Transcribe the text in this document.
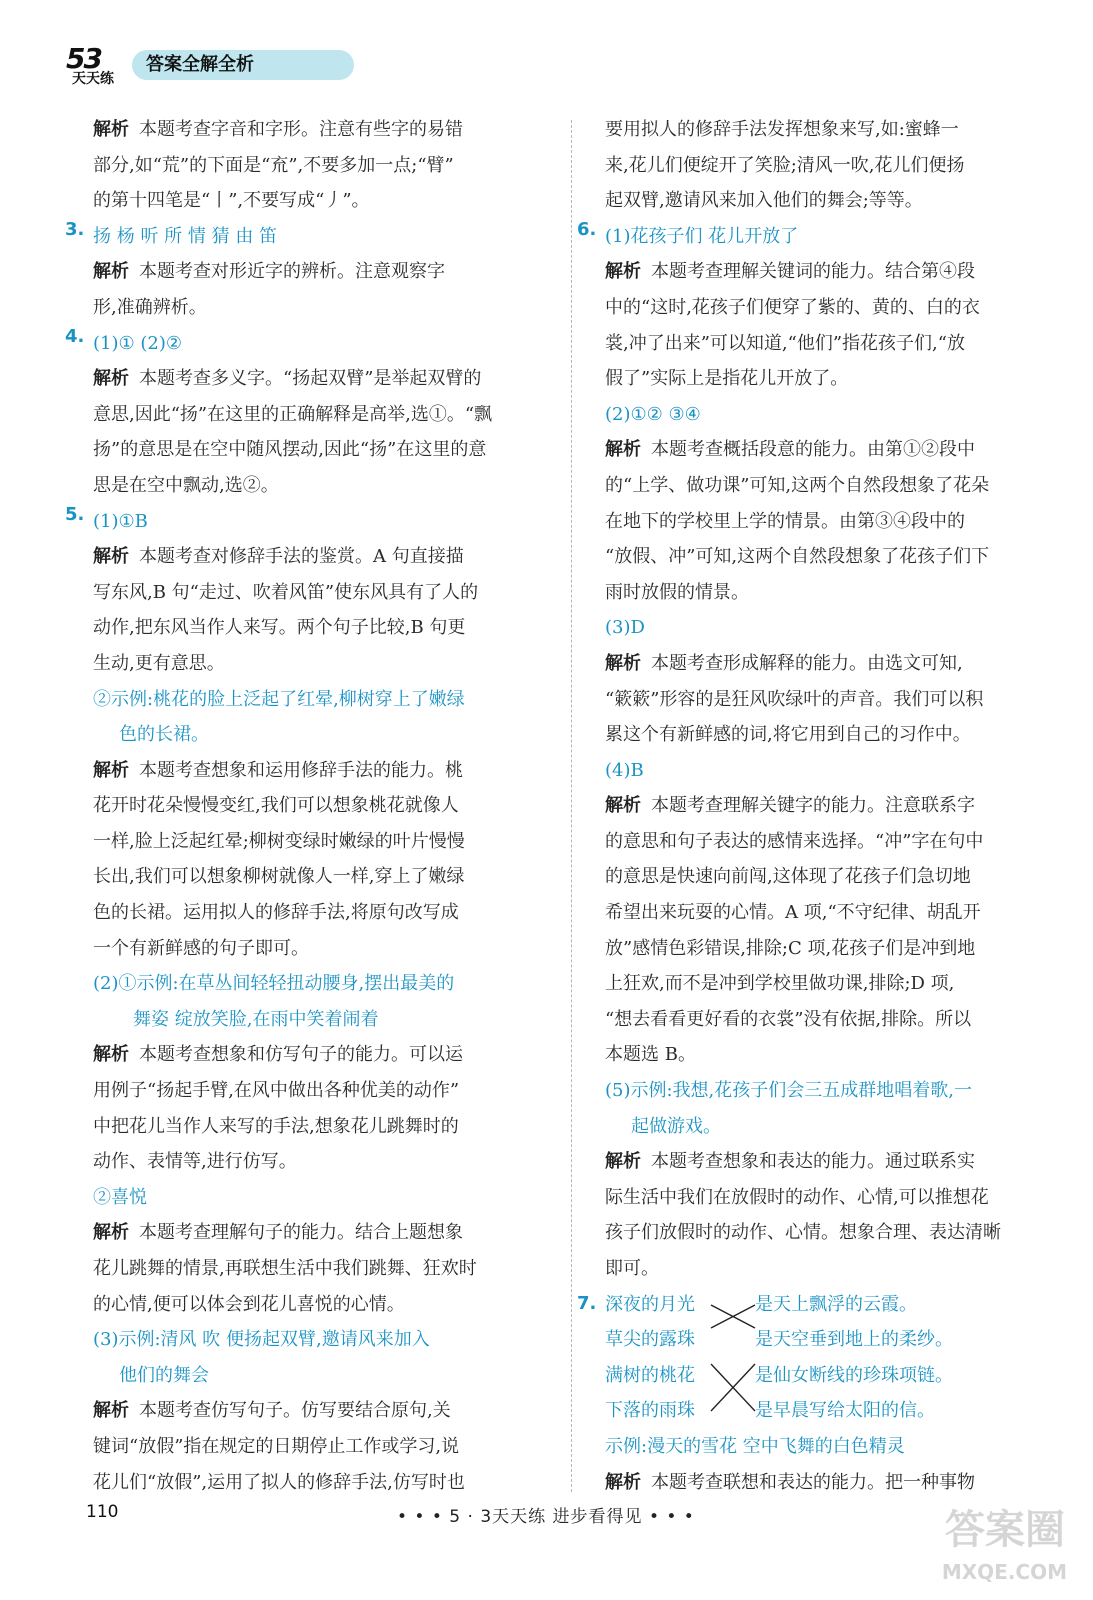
53
天天练
答案全解全析
解析 本题考查字音和字形。注意有些字的易错
部分,如“荒”的下面是“㐬”,不要多加一点;“臂”
的第十四笔是“丨”,不要写成“丿”。
3. 扬 杨 听 所 情 猜 由 笛
解析 本题考查对形近字的辨析。注意观察字
形,准确辨析。
4. (1)① (2)②
解析 本题考查多义字。“扬起双臂”是举起双臂的
意思,因此“扬”在这里的正确解释是高举,选①。“飘
扬”的意思是在空中随风摆动,因此“扬”在这里的意
思是在空中飘动,选②。
5. (1)①B
解析 本题考查对修辞手法的鉴赏。A 句直接描
写东风,B 句“走过、吹着风笛”使东风具有了人的
动作,把东风当作人来写。两个句子比较,B 句更
生动,更有意思。
②示例:桃花的脸上泛起了红晕,柳树穿上了嫩绿
色的长裙。
解析 本题考查想象和运用修辞手法的能力。桃
花开时花朵慢慢变红,我们可以想象桃花就像人
一样,脸上泛起红晕;柳树变绿时嫩绿的叶片慢慢
长出,我们可以想象柳树就像人一样,穿上了嫩绿
色的长裙。运用拟人的修辞手法,将原句改写成
一个有新鲜感的句子即可。
(2)①示例:在草丛间轻轻扭动腰身,摆出最美的
舞姿 绽放笑脸,在雨中笑着闹着
解析 本题考查想象和仿写句子的能力。可以运
用例子“扬起手臂,在风中做出各种优美的动作”
中把花儿当作人来写的手法,想象花儿跳舞时的
动作、表情等,进行仿写。
②喜悦
解析 本题考查理解句子的能力。结合上题想象
花儿跳舞的情景,再联想生活中我们跳舞、狂欢时
的心情,便可以体会到花儿喜悦的心情。
(3)示例:清风 吹 便扬起双臂,邀请风来加入
他们的舞会
解析 本题考查仿写句子。仿写要结合原句,关
键词“放假”指在规定的日期停止工作或学习,说
花儿们“放假”,运用了拟人的修辞手法,仿写时也
要用拟人的修辞手法发挥想象来写,如:蜜蜂一
来,花儿们便绽开了笑脸;清风一吹,花儿们便扬
起双臂,邀请风来加入他们的舞会;等等。
6. (1)花孩子们 花儿开放了
解析 本题考查理解关键词的能力。结合第④段
中的“这时,花孩子们便穿了紫的、黄的、白的衣
裳,冲了出来”可以知道,“他们”指花孩子们,“放
假了”实际上是指花儿开放了。
(2)①② ③④
解析 本题考查概括段意的能力。由第①②段中
的“上学、做功课”可知,这两个自然段想象了花朵
在地下的学校里上学的情景。由第③④段中的
“放假、冲”可知,这两个自然段想象了花孩子们下
雨时放假的情景。
(3)D
解析 本题考查形成解释的能力。由选文可知,
“簌簌”形容的是狂风吹绿叶的声音。我们可以积
累这个有新鲜感的词,将它用到自己的习作中。
(4)B
解析 本题考查理解关键字的能力。注意联系字
的意思和句子表达的感情来选择。“冲”字在句中
的意思是快速向前闯,这体现了花孩子们急切地
希望出来玩耍的心情。A 项,“不守纪律、胡乱开
放”感情色彩错误,排除;C 项,花孩子们是冲到地
上狂欢,而不是冲到学校里做功课,排除;D 项,
“想去看看更好看的衣裳”没有依据,排除。所以
本题选 B。
(5)示例:我想,花孩子们会三五成群地唱着歌,一
起做游戏。
解析 本题考查想象和表达的能力。通过联系实
际生活中我们在放假时的动作、心情,可以推想花
孩子们放假时的动作、心情。想象合理、表达清晰
即可。
7. 深夜的月光	是天上飘浮的云霞。
草尖的露珠	是天空垂到地上的柔纱。
满树的桃花	是仙女断线的珍珠项链。
下落的雨珠	是早晨写给太阳的信。
示例:漫天的雪花 空中飞舞的白色精灵
解析 本题考查联想和表达的能力。把一种事物
110	• • • 5 · 3天天练 进步看得见 • • •	答案圈
MXQE.COM
